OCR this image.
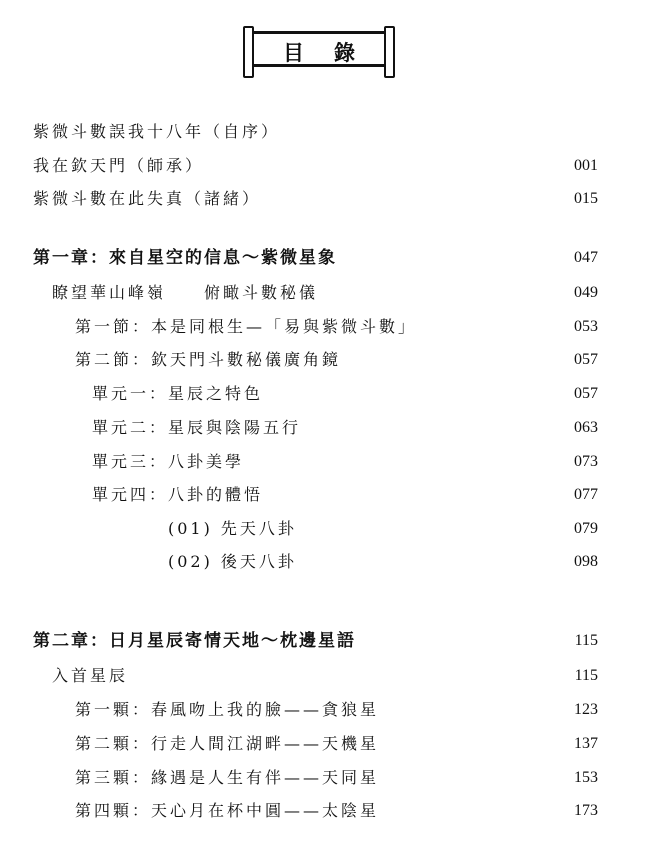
目錄
紫微斗數誤我十八年（自序）
我在欽天門（師承）	001
紫微斗數在此失真（諸緒）	015
第一章：來自星空的信息～紫微星象	047
瞭望華山峰嶺　　俯瞰斗數秘儀	049
第一節：本是同根生—「易與紫微斗數」	053
第二節：欽天門斗數秘儀廣角鏡	057
單元一：星辰之特色	057
單元二：星辰與陰陽五行	063
單元三：八卦美學	073
單元四：八卦的體悟	077
(01) 先天八卦	079
(02) 後天八卦	098
第二章：日月星辰寄情天地～枕邊星語	115
入首星辰	115
第一顆：春風吻上我的臉——貪狼星	123
第二顆：行走人間江湖畔——天機星	137
第三顆：緣遇是人生有伴——天同星	153
第四顆：天心月在杯中圓——太陰星	173
